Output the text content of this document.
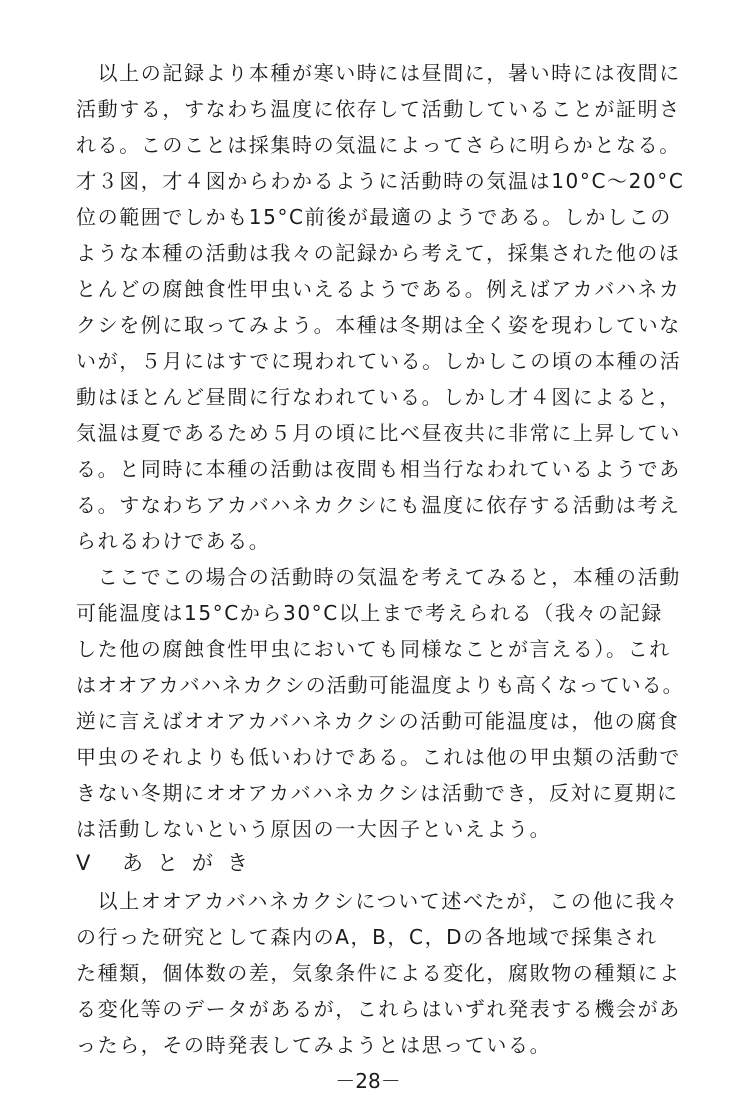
　以上の記録より本種が寒い時には昼間に，暑い時には夜間に
活動する，すなわち温度に依存して活動していることが証明さ
れる。このことは採集時の気温によってさらに明らかとなる。
才３図，才４図からわかるように活動時の気温は10°C～20°C
位の範囲でしかも15°C前後が最適のようである。しかしこの
ような本種の活動は我々の記録から考えて，採集された他のほ
とんどの腐蝕食性甲虫いえるようである。例えばアカバハネカ
クシを例に取ってみよう。本種は冬期は全く姿を現わしていな
いが，５月にはすでに現われている。しかしこの頃の本種の活
動はほとんど昼間に行なわれている。しかし才４図によると，
気温は夏であるため５月の頃に比べ昼夜共に非常に上昇してい
る。と同時に本種の活動は夜間も相当行なわれているようであ
る。すなわちアカバハネカクシにも温度に依存する活動は考え
られるわけである。
　ここでこの場合の活動時の気温を考えてみると，本種の活動
可能温度は15°Cから30°C以上まで考えられる（我々の記録
した他の腐蝕食性甲虫においても同様なことが言える）。これ
はオオアカバハネカクシの活動可能温度よりも高くなっている。
逆に言えばオオアカバハネカクシの活動可能温度は，他の腐食
甲虫のそれよりも低いわけである。これは他の甲虫類の活動で
きない冬期にオオアカバハネカクシは活動でき，反対に夏期に
は活動しないという原因の一大因子といえよう。
Ⅴ あとがき
　以上オオアカバハネカクシについて述べたが，この他に我々
の行った研究として森内のA，B，C，Dの各地域で採集され
た種類，個体数の差，気象条件による変化，腐敗物の種類によ
る変化等のデータがあるが，これらはいずれ発表する機会があ
ったら，その時発表してみようとは思っている。
－28－
